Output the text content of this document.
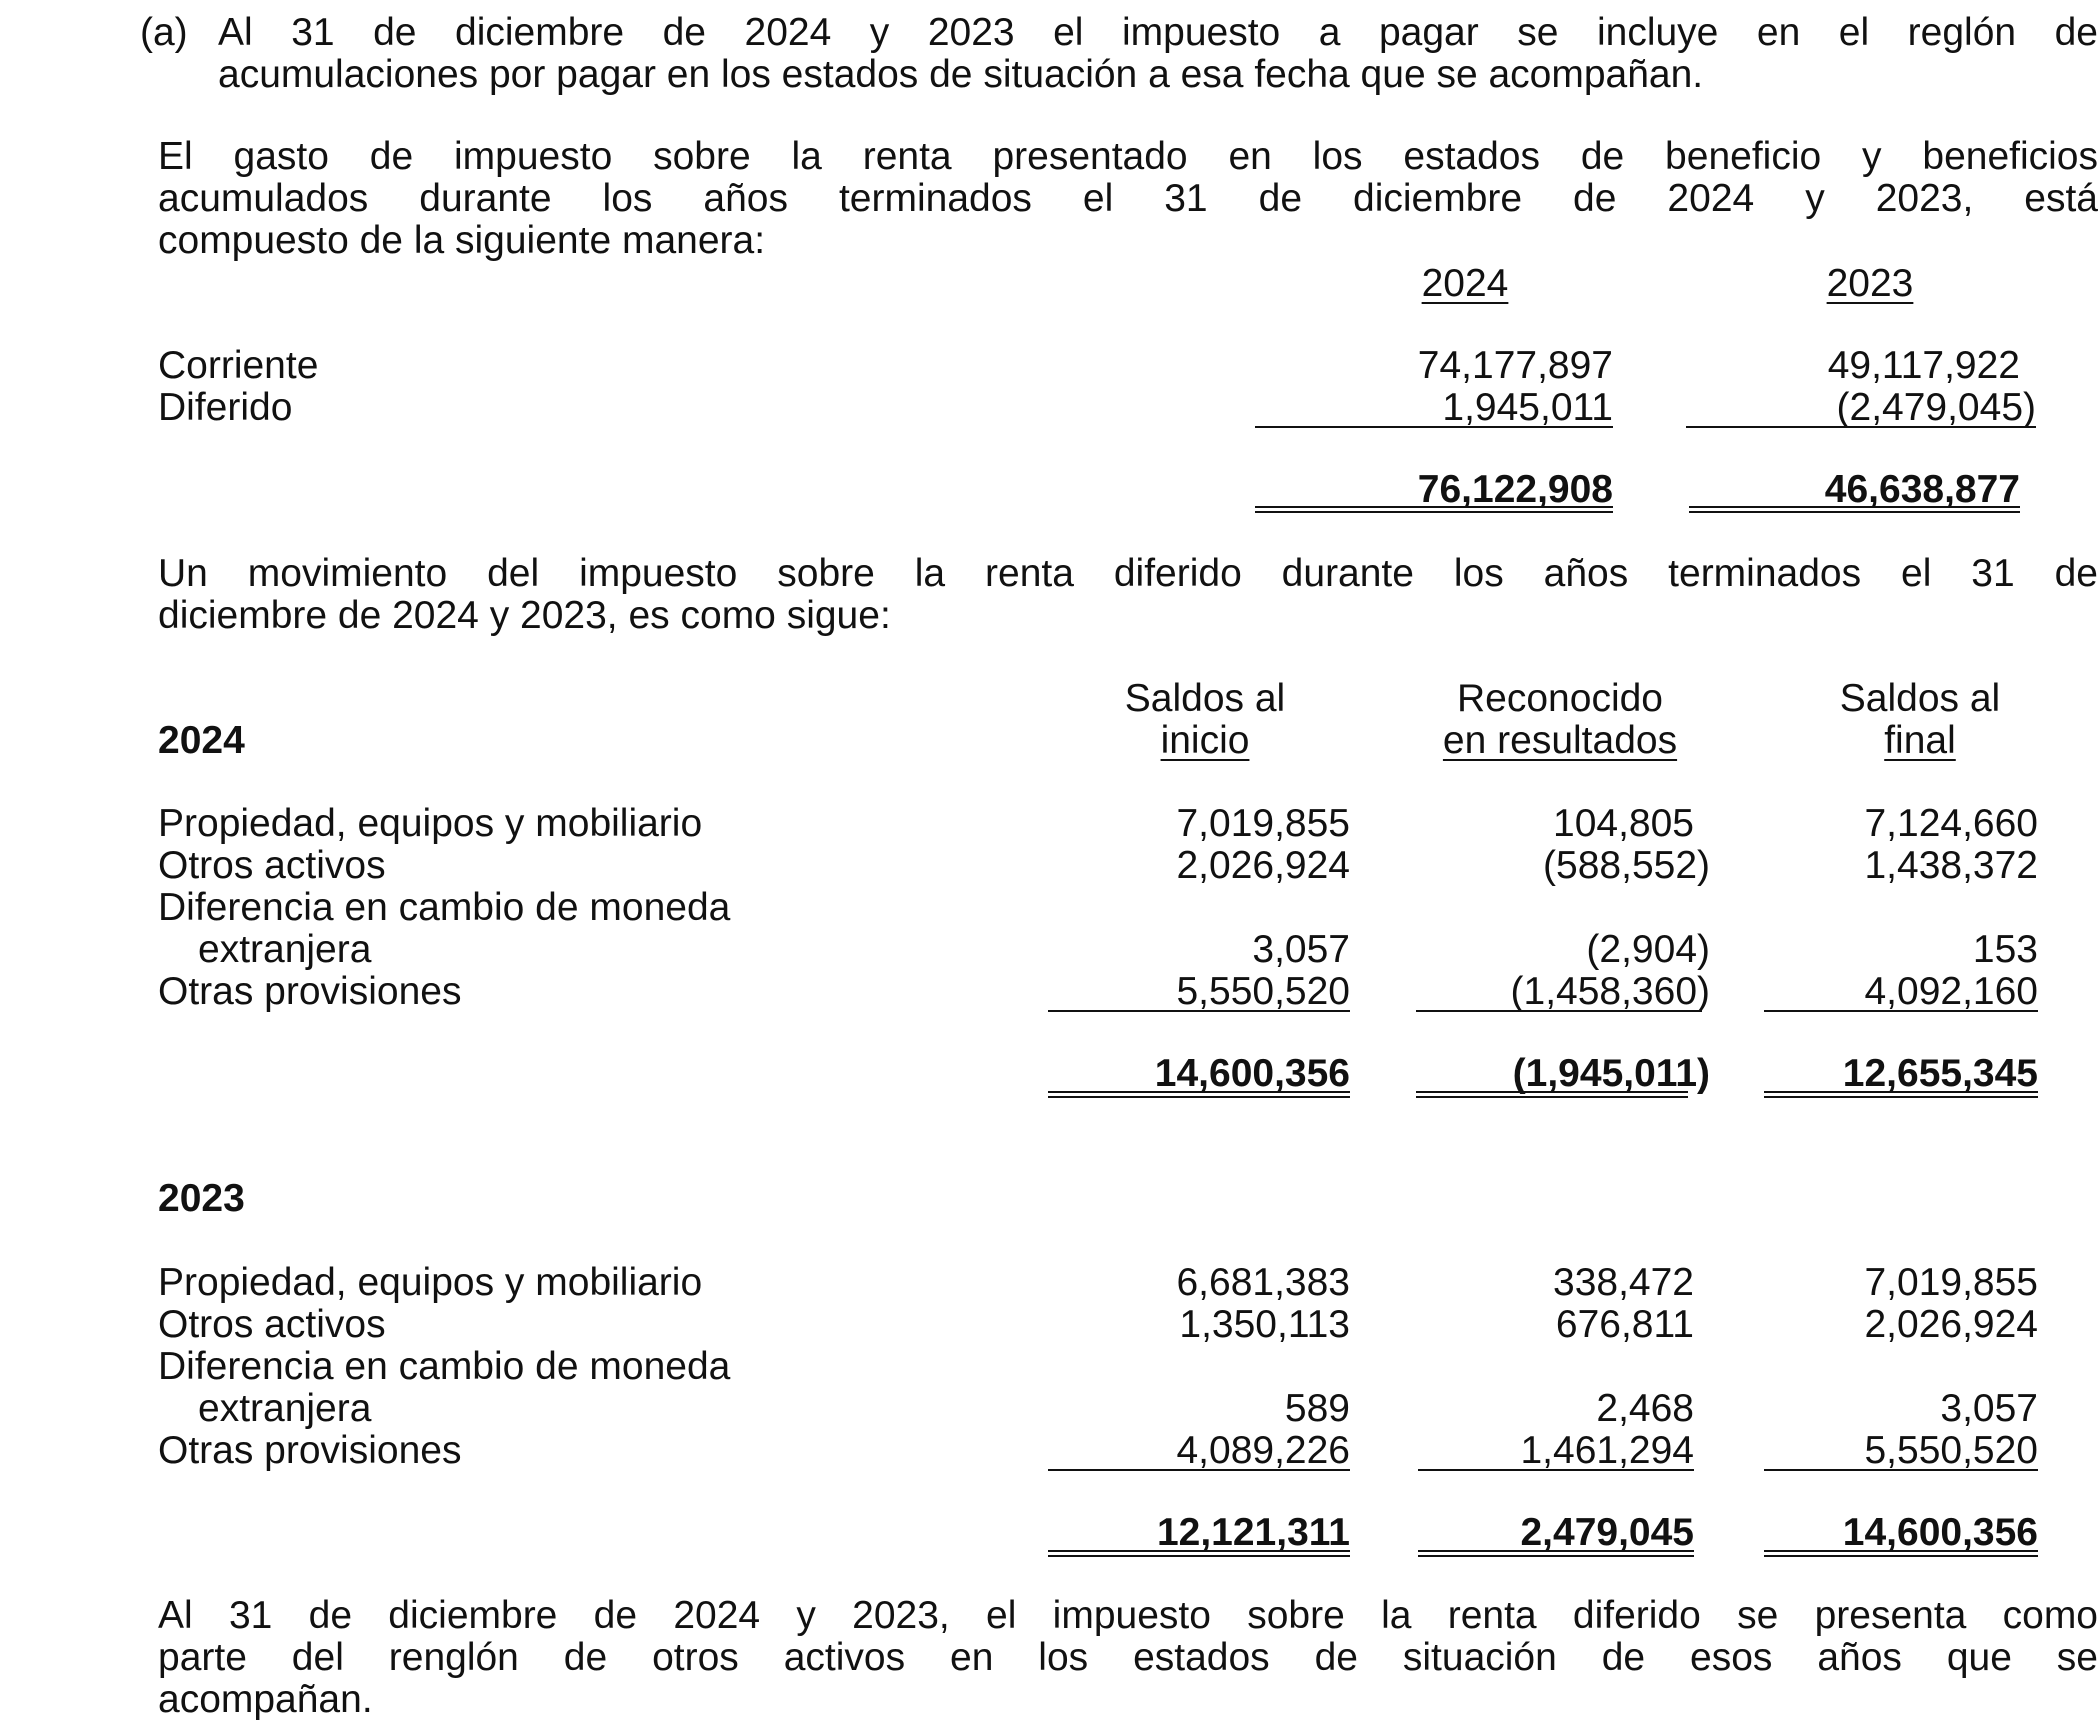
(a) Al 31 de diciembre de 2024 y 2023 el impuesto a pagar se incluye en el reglón de
acumulaciones por pagar en los estados de situación a esa fecha que se acompañan.
El gasto de impuesto sobre la renta presentado en los estados de beneficio y beneficios
acumulados durante los años terminados el 31 de diciembre de 2024 y 2023, está
compuesto de la siguiente manera:
2024	2023
Corriente	74,177,897	49,117,922
Diferido	1,945,011	(2,479,045)
76,122,908	46,638,877
Un movimiento del impuesto sobre la renta diferido durante los años terminados el 31 de
diciembre de 2024 y 2023, es como sigue:
Saldos al
inicio
Reconocido
en resultados
Saldos al
final
2024
Propiedad, equipos y mobiliario	7,019,855	104,805	7,124,660
Otros activos	2,026,924	(588,552)	1,438,372
Diferencia en cambio de moneda
extranjera	3,057	(2,904)	153
Otras provisiones	5,550,520	(1,458,360)	4,092,160
14,600,356	(1,945,011)	12,655,345
2023
Propiedad, equipos y mobiliario	6,681,383	338,472	7,019,855
Otros activos	1,350,113	676,811	2,026,924
Diferencia en cambio de moneda
extranjera	589	2,468	3,057
Otras provisiones	4,089,226	1,461,294	5,550,520
12,121,311	2,479,045	14,600,356
Al 31 de diciembre de 2024 y 2023, el impuesto sobre la renta diferido se presenta como
parte del renglón de otros activos en los estados de situación de esos años que se
acompañan.
